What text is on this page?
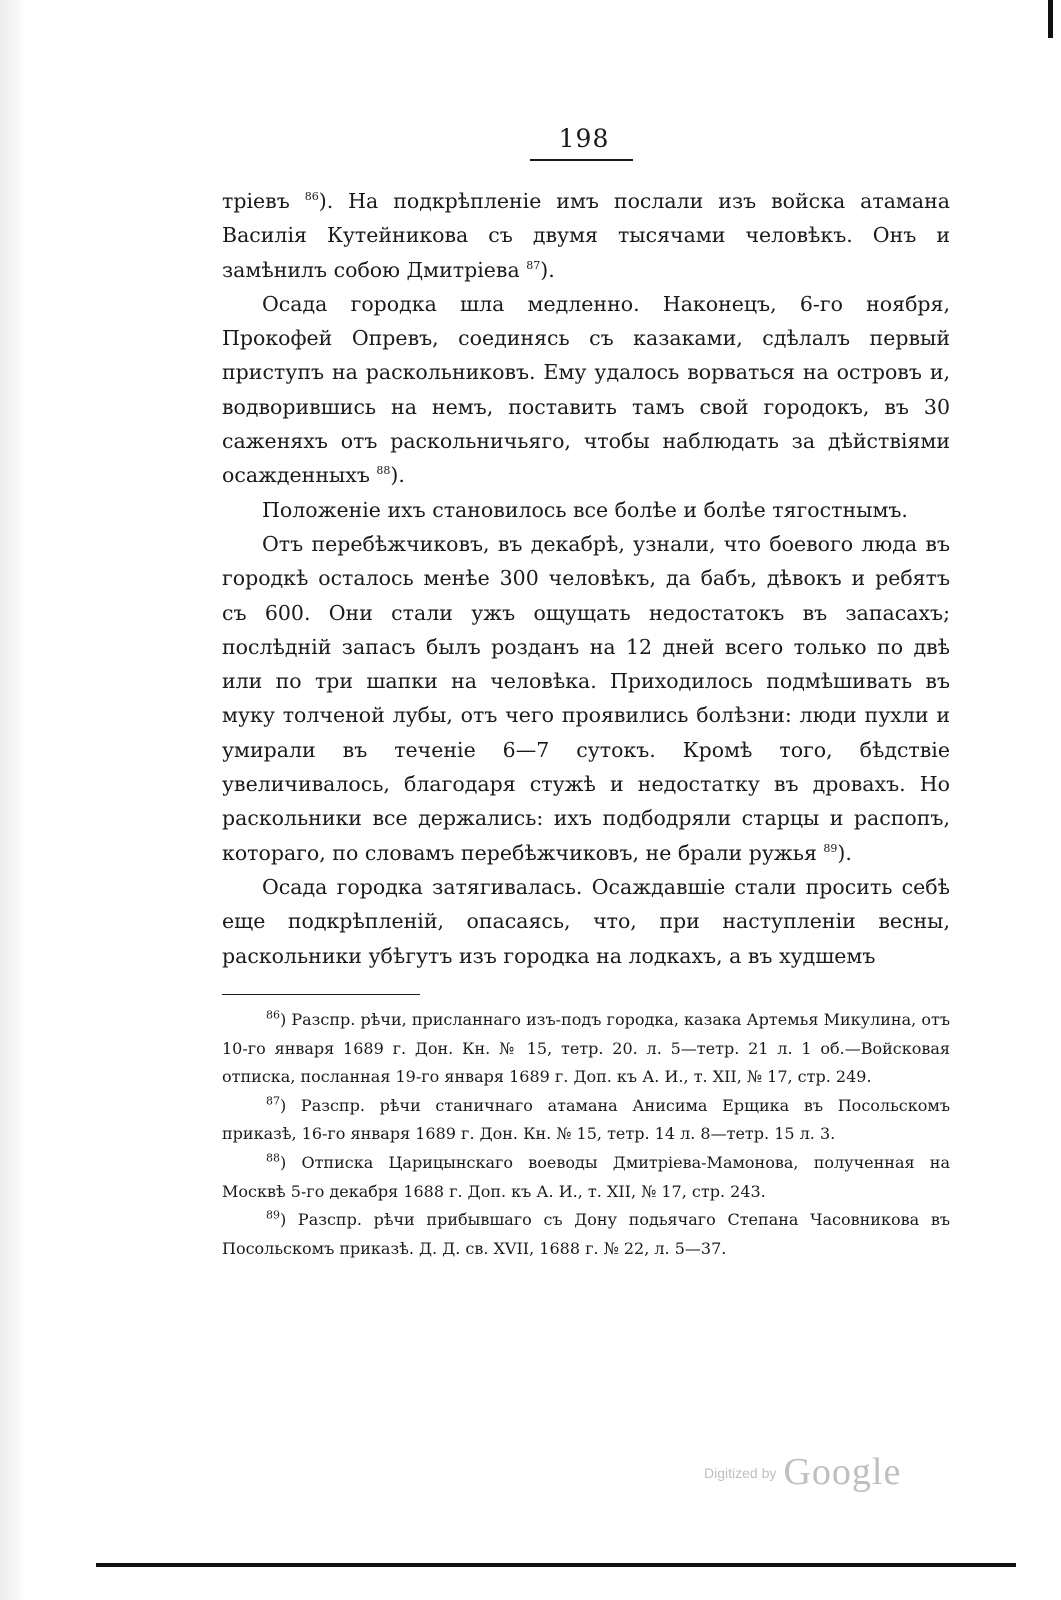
198

тріевъ $^{86}$). На подкрѣпленіе имъ послали изъ войска атамана Василія Кутейникова съ двумя тысячами человѣкъ. Онъ и замѣнилъ собою Дмитріева $^{87}$).

Осада городка шла медленно. Наконецъ, 6-го ноября, Прокофей Опревъ, соединясь съ казаками, сдѣлалъ первый приступъ на раскольниковъ. Ему удалось ворваться на островъ и, водворившись на немъ, поставить тамъ свой городокъ, въ 30 саженяхъ отъ раскольничьяго, чтобы наблюдать за дѣйствіями осажденныхъ $^{88}$).

Положеніе ихъ становилось все болѣе и болѣе тягостнымъ.

Отъ перебѣжчиковъ, въ декабрѣ, узнали, что боевого люда въ городкѣ осталось менѣе 300 человѣкъ, да бабъ, дѣвокъ и ребятъ съ 600. Они стали ужъ ощущать недостатокъ въ запасахъ; послѣдній запасъ былъ розданъ на 12 дней всего только по двѣ или по три шапки на человѣка. Приходилось подмѣшивать въ муку толченой лубы, отъ чего проявились болѣзни: люди пухли и умирали въ теченіе 6—7 сутокъ. Кромѣ того, бѣдствіе увеличивалось, благодаря стужѣ и недостатку въ дровахъ. Но раскольники все держались: ихъ подбодряли старцы и распопъ, котораго, по словамъ перебѣжчиковъ, не брали ружья $^{89}$).

Осада городка затягивалась. Осаждавшіе стали просить себѣ еще подкрѣпленій, опасаясь, что, при наступленіи весны, раскольники убѣгутъ изъ городка на лодкахъ, а въ худшемъ

$^{86}$) Разспр. рѣчи, присланнаго изъ-подъ городка, казака Артемья Микулина, отъ 10-го января 1689 г. Дон. Кн. № 15, тетр. 20. л. 5—тетр. 21 л. 1 об.—Войсковая отписка, посланная 19-го января 1689 г. Доп. къ А. И., т. XII, № 17, стр. 249.

$^{87}$) Разспр. рѣчи станичнаго атамана Анисима Ерщика въ Посольскомъ приказѣ, 16-го января 1689 г. Дон. Кн. № 15, тетр. 14 л. 8—тетр. 15 л. 3.

$^{88}$) Отписка Царицынскаго воеводы Дмитріева-Мамонова, полученная на Москвѣ 5-го декабря 1688 г. Доп. къ А. И., т. XII, № 17, стр. 243.

$^{89}$) Разспр. рѣчи прибывшаго съ Дону подьячаго Степана Часовникова въ Посольскомъ приказѣ. Д. Д. св. XVII, 1688 г. № 22, л. 5—37.

Digitized by Google
